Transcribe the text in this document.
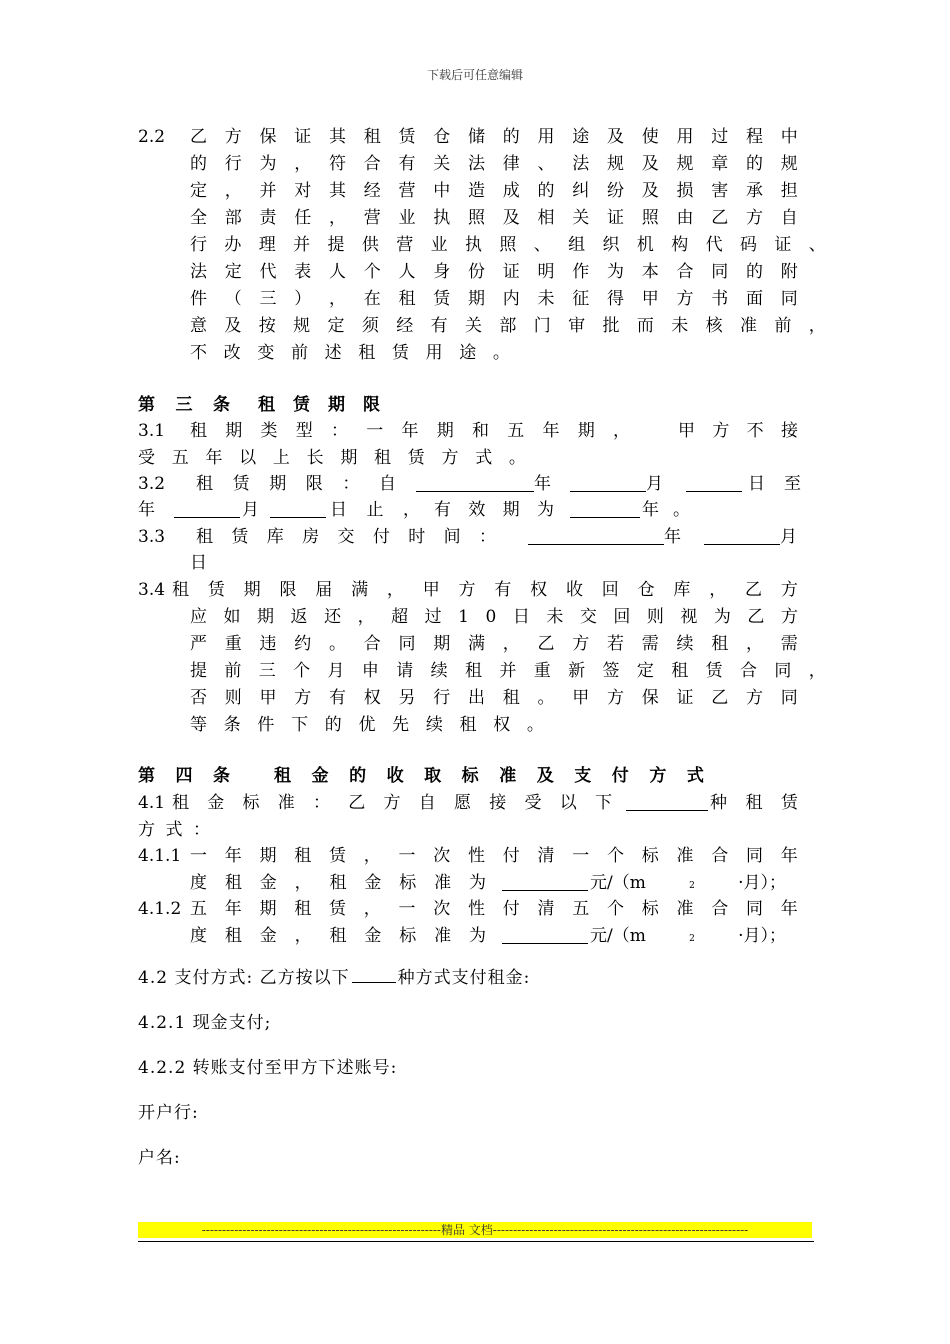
下载后可任意编辑
2 . 2 乙 方 保 证 其 租 赁 仓 储 的 用 途 及 使 用 过 程 中
的 行 为 ， 符 合 有 关 法 律 、 法 规 及 规 章 的 规
定 ， 并 对 其 经 营 中 造 成 的 纠 纷 及 损 害 承 担
全 部 责 任 ， 营 业 执 照 及 相 关 证 照 由 乙 方 自
行 办 理 并 提 供 营 业 执 照 、 组 织 机 构 代 码 证 、
法 定 代 表 人 个 人 身 份 证 明 作 为 本 合 同 的 附
件 （ 三 ） ， 在 租 赁 期 内 未 征 得 甲 方 书 面 同
意 及 按 规 定 须 经 有 关 部 门 审 批 而 未 核 准 前 ，
不 改 变 前 述 租 赁 用 途 。
第 三 条 租 赁 期 限
3 . 1 租 期 类 型 ： 一 年 期 和 五 年 期 ，	甲 方 不 接
受 五 年 以 上 长 期 租 赁 方 式 。
3 . 2 租 赁 期 限 ： 自	年	月	日 至
年	月	日 止 ， 有 效 期 为	年 。
3 . 3 租 赁 库 房 交 付 时 间 ：	年	月
日
3.4 租 赁 期 限 届 满 ， 甲 方 有 权 收 回 仓 库 ， 乙 方
应 如 期 返 还 ， 超 过 1 0 日 未 交 回 则 视 为 乙 方
严 重 违 约 。 合 同 期 满 ， 乙 方 若 需 续 租 ， 需
提 前 三 个 月 申 请 续 租 并 重 新 签 定 租 赁 合 同 ，
否 则 甲 方 有 权 另 行 出 租 。 甲 方 保 证 乙 方 同
等 条 件 下 的 优 先 续 租 权 。
第 四 条	租 金 的 收 取 标 准 及 支 付 方 式
4.1 租 金 标 准 ： 乙 方 自 愿 接 受 以 下	种 租 赁
方 式 ：
4.1.1 一 年 期 租 赁 ， 一 次 性 付 清 一 个 标 准 合 同 年
度 租 金 ， 租 金 标 准 为	元/（m	2	·月）；
4.1.2 五 年 期 租 赁 ， 一 次 性 付 清 五 个 标 准 合 同 年
度 租 金 ， 租 金 标 准 为	元/（m	2	·月）；
4.2 支付方式: 乙方按以下	种方式支付租金:
4.2.1 现金支付;
4.2.2 转账支付至甲方下述账号:
开户行:
户名:
-----------------------------------------------------------精品 文档---------------------------------------------------------------
